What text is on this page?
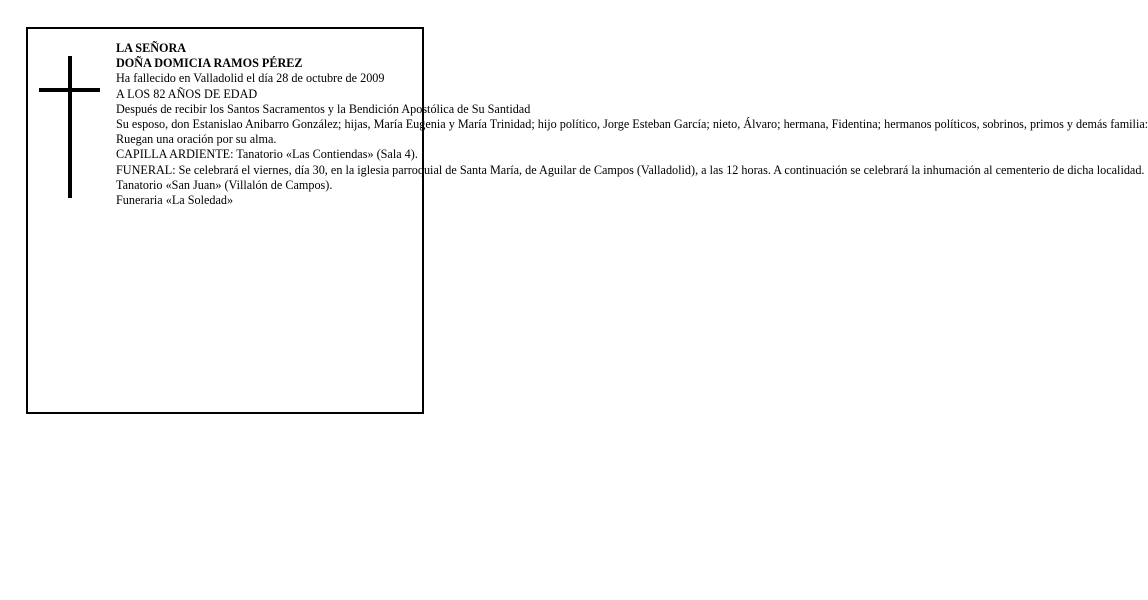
LA SEÑORA

DOÑA DOMICIA RAMOS PÉREZ

Ha fallecido en Valladolid el día 28 de octubre de 2009

A LOS 82 AÑOS DE EDAD

Después de recibir los Santos Sacramentos y la Bendición Apostólica de Su Santidad

Su esposo, don Estanislao Anibarro González; hijas, María Eugenia y María Trinidad; hijo político, Jorge Esteban García; nieto, Álvaro; hermana, Fidentina; hermanos políticos, sobrinos, primos y demás familia:

Ruegan una oración por su alma.

CAPILLA ARDIENTE: Tanatorio «Las Contiendas» (Sala 4).

FUNERAL: Se celebrará el viernes, día 30, en la iglesia parroquial de Santa María, de Aguilar de Campos (Valladolid), a las 12 horas. A continuación se celebrará la inhumación al cementerio de dicha localidad.

Tanatorio «San Juan» (Villalón de Campos).

Funeraria «La Soledad»
